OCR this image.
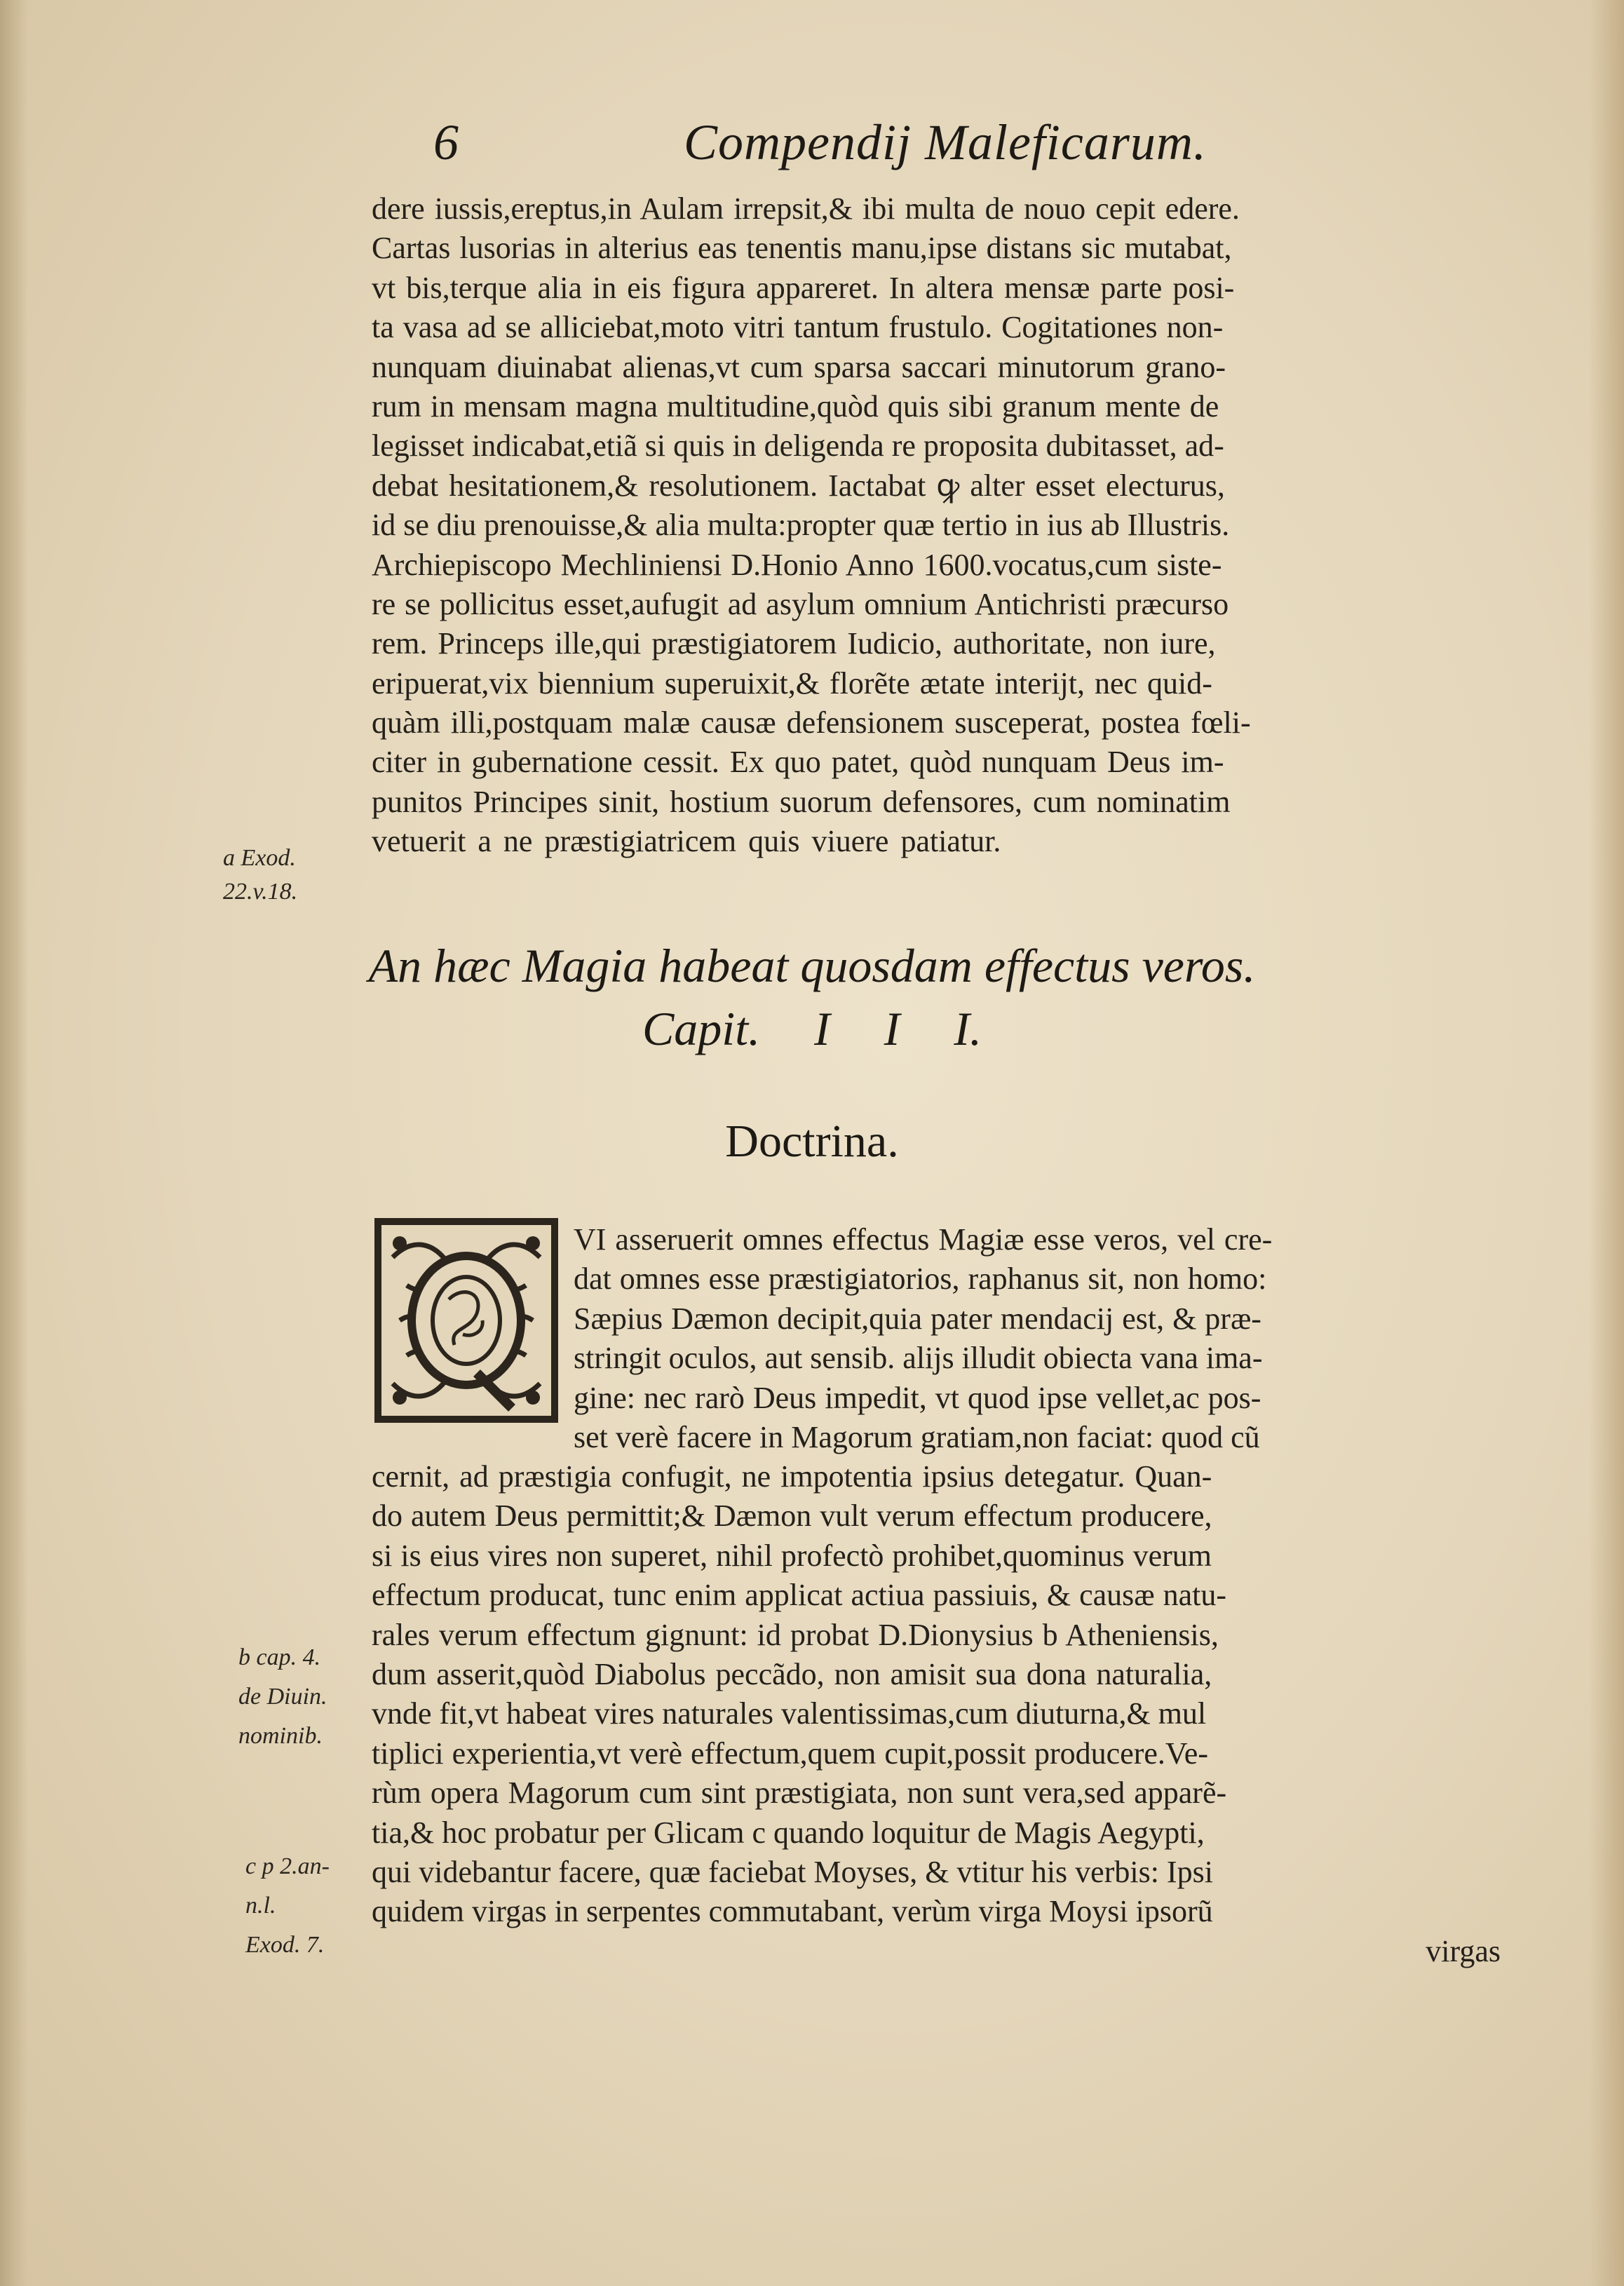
6	Compendij Maleficarum.
dere iussis,ereptus,in Aulam irrepsit,& ibi multa de nouo cepit edere.
Cartas lusorias in alterius eas tenentis manu,ipse distans sic mutabat,
vt bis,terque alia in eis figura appareret. In altera mensæ parte posi-
ta vasa ad se alliciebat,moto vitri tantum frustulo. Cogitationes non-
nunquam diuinabat alienas,vt cum sparsa saccari minutorum grano-
rum in mensam magna multitudine,quòd quis sibi granum mente de
legisset indicabat,etiã si quis in deligenda re proposita dubitasset, ad-
debat hesitationem,& resolutionem. Iactabat ꝙ alter esset electurus,
id se diu prenouisse,& alia multa:propter quæ tertio in ius ab Illustris.
Archiepiscopo Mechliniensi D.Honio Anno 1600.vocatus,cum siste-
re se pollicitus esset,aufugit ad asylum omnium Antichristi præcurso
rem. Princeps ille,qui præstigiatorem Iudicio, authoritate, non iure,
eripuerat,vix biennium superuixit,& florẽte ætate interijt, nec quid-
quàm illi,postquam malæ causæ defensionem susceperat, postea fœli-
citer in gubernatione cessit. Ex quo patet, quòd nunquam Deus im-
punitos Principes sinit, hostium suorum defensores, cum nominatim
vetuerit a ne præstigiatricem quis viuere patiatur.
a Exod.
22.v.18.
An hæc Magia habeat quosdam effectus veros.
Capit. I I I.
Doctrina.
VI asseruerit omnes effectus Magiæ esse veros, vel cre-
dat omnes esse præstigiatorios, raphanus sit, non homo:
Sæpius Dæmon decipit,quia pater mendacij est, & præ-
stringit oculos, aut sensib. alijs illudit obiecta vana ima-
gine: nec rarò Deus impedit, vt quod ipse vellet,ac pos-
set verè facere in Magorum gratiam,non faciat: quod cũ
cernit, ad præstigia confugit, ne impotentia ipsius detegatur. Quan-
do autem Deus permittit;& Dæmon vult verum effectum producere,
si is eius vires non superet, nihil profectò prohibet,quominus verum
effectum producat, tunc enim applicat actiua passiuis, & causæ natu-
rales verum effectum gignunt: id probat D.Dionysius b Atheniensis,
dum asserit,quòd Diabolus peccãdo, non amisit sua dona naturalia,
vnde fit,vt habeat vires naturales valentissimas,cum diuturna,& mul
tiplici experientia,vt verè effectum,quem cupit,possit producere.Ve-
rùm opera Magorum cum sint præstigiata, non sunt vera,sed apparẽ-
tia,& hoc probatur per Glicam c quando loquitur de Magis Aegypti,
qui videbantur facere, quæ faciebat Moyses, & vtitur his verbis: Ipsi
quidem virgas in serpentes commutabant, verùm virga Moysi ipsorũ
virgas
b cap. 4.
de Diuin.
nominib.
c p 2.an-
n.l.
Exod. 7.
